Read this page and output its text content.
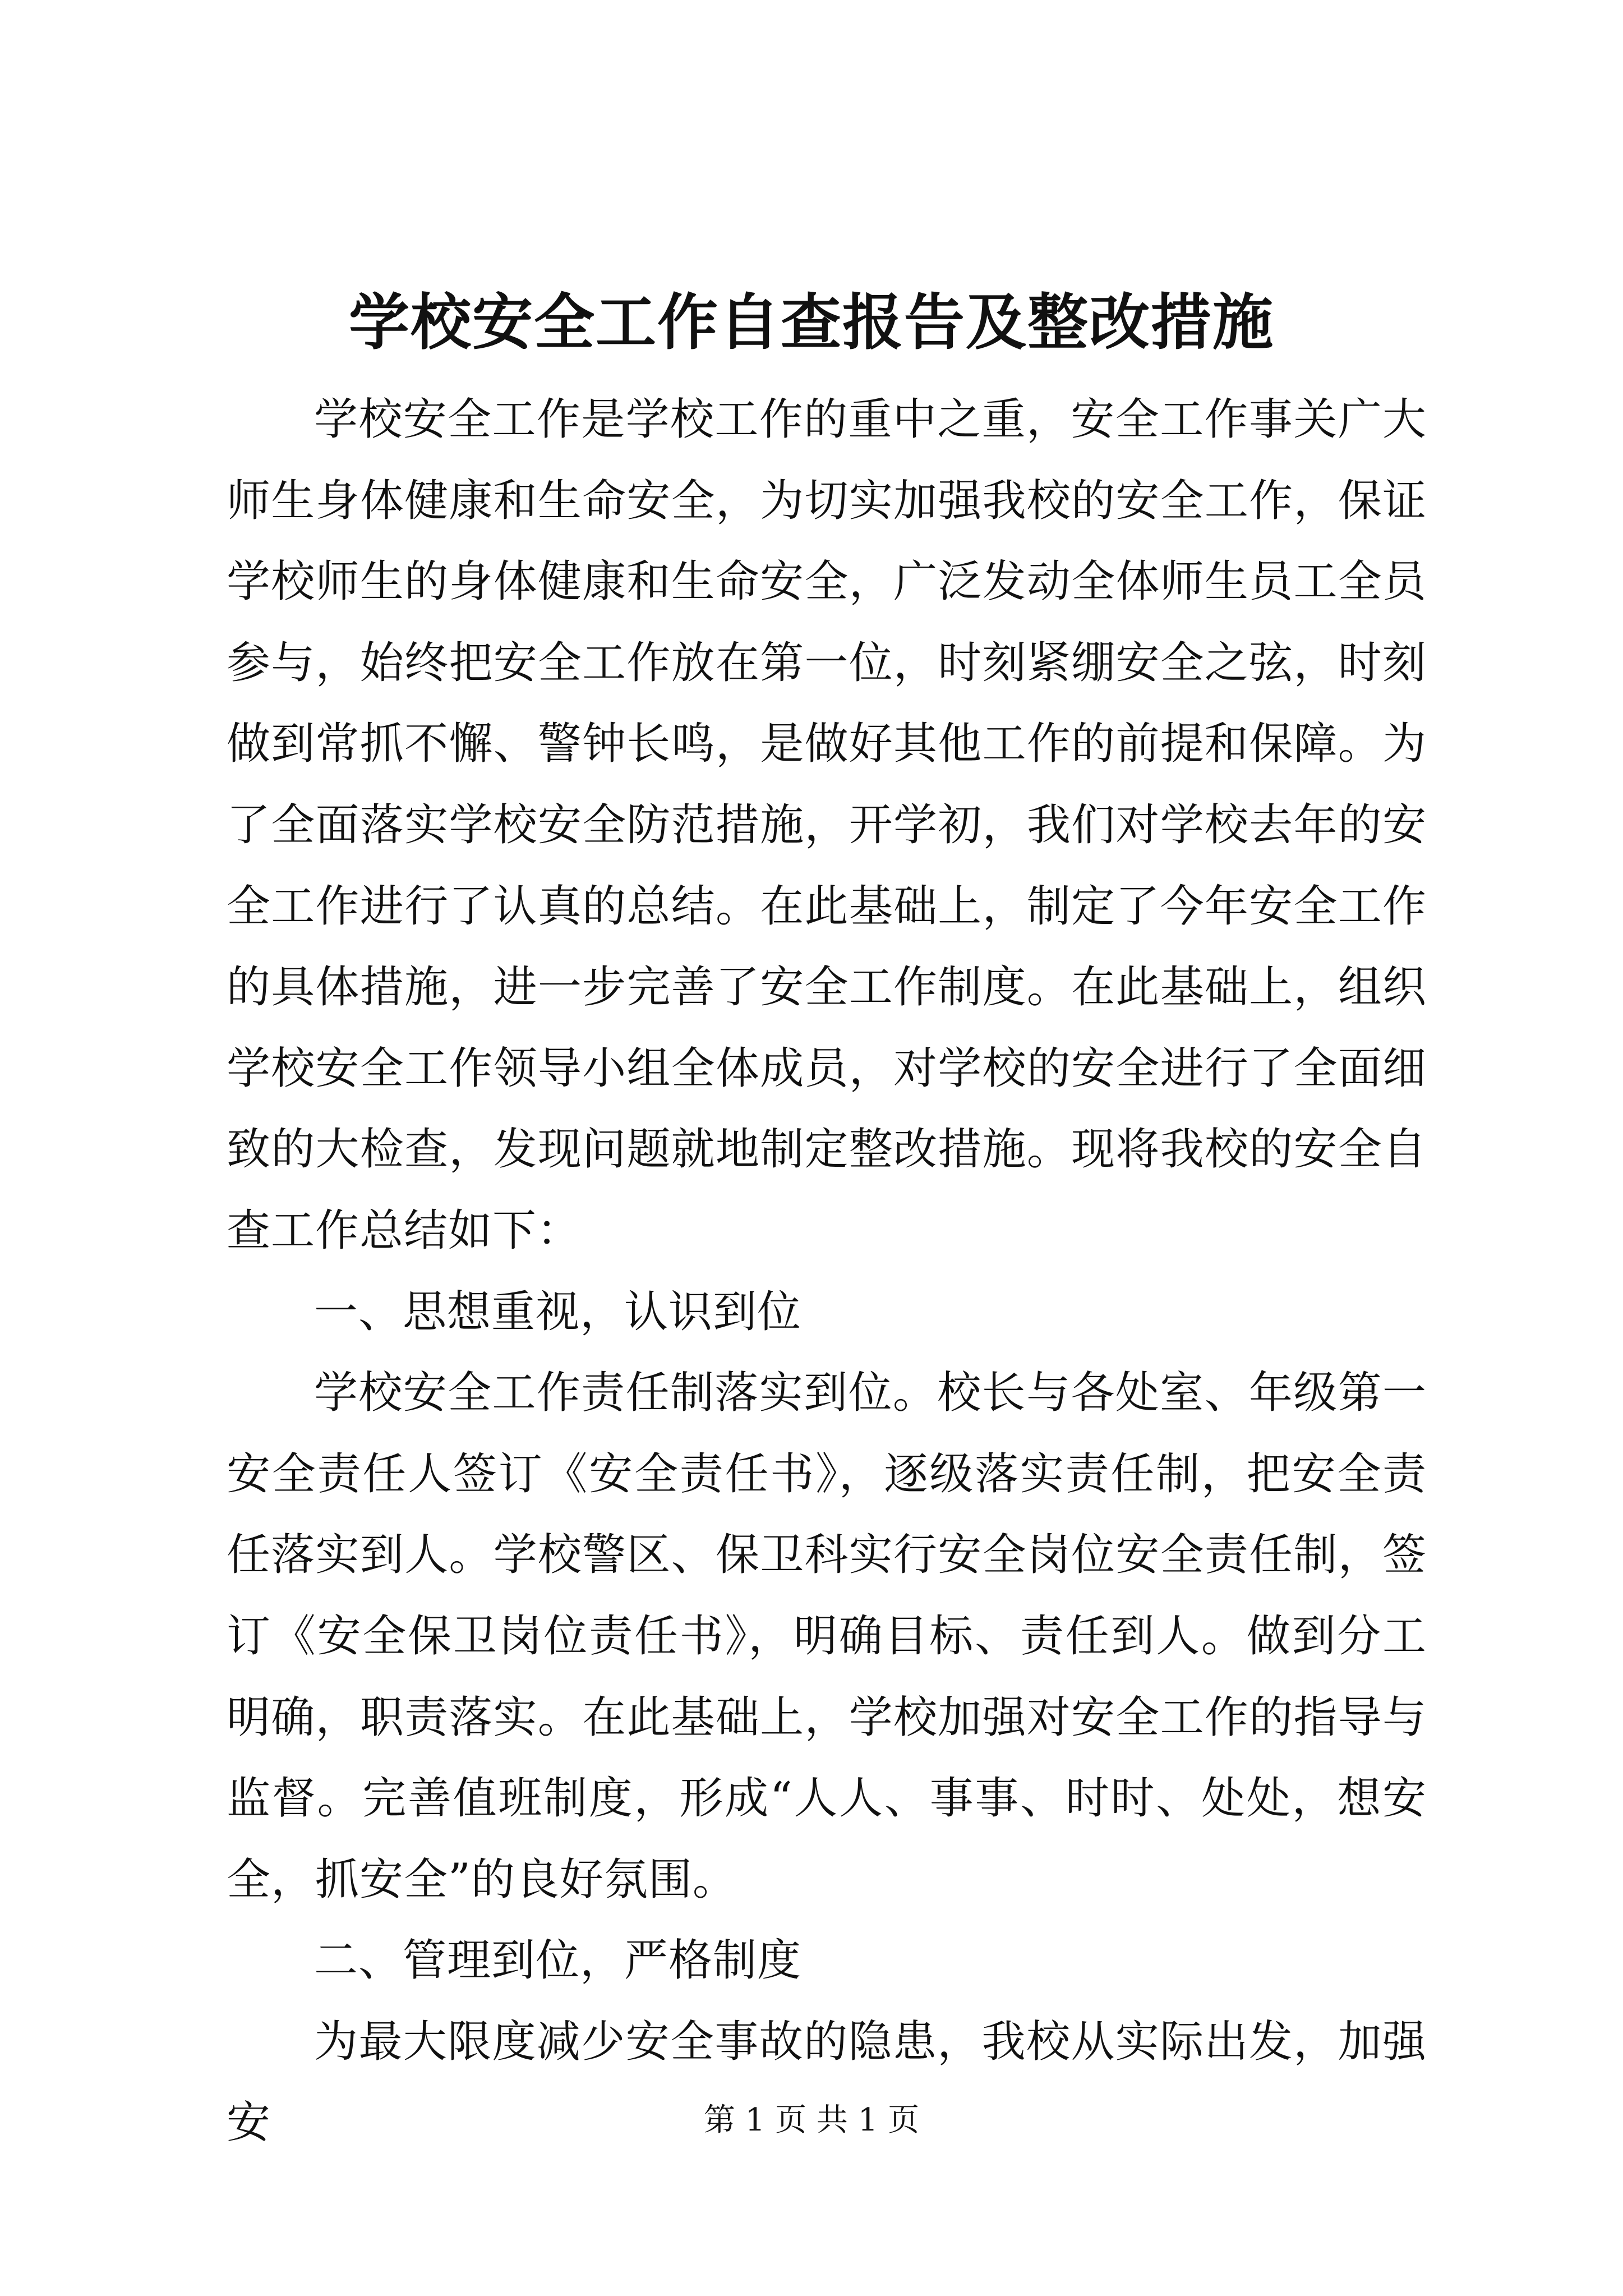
学校安全工作自查报告及整改措施

学校安全工作是学校工作的重中之重，安全工作事关广大师生身体健康和生命安全，为切实加强我校的安全工作，保证学校师生的身体健康和生命安全，广泛发动全体师生员工全员参与，始终把安全工作放在第一位，时刻紧绷安全之弦，时刻做到常抓不懈、警钟长鸣，是做好其他工作的前提和保障。为了全面落实学校安全防范措施，开学初，我们对学校去年的安全工作进行了认真的总结。在此基础上，制定了今年安全工作的具体措施，进一步完善了安全工作制度。在此基础上，组织学校安全工作领导小组全体成员，对学校的安全进行了全面细致的大检查，发现问题就地制定整改措施。现将我校的安全自查工作总结如下：

一、思想重视，认识到位

学校安全工作责任制落实到位。校长与各处室、年级第一安全责任人签订《安全责任书》，逐级落实责任制，把安全责任落实到人。学校警区、保卫科实行安全岗位安全责任制，签订《安全保卫岗位责任书》，明确目标、责任到人。做到分工明确，职责落实。在此基础上，学校加强对安全工作的指导与监督。完善值班制度，形成“人人、事事、时时、处处，想安全，抓安全”的良好氛围。

二、管理到位，严格制度

为最大限度减少安全事故的隐患，我校从实际出发，加强安	第 1 页 共 1 页
